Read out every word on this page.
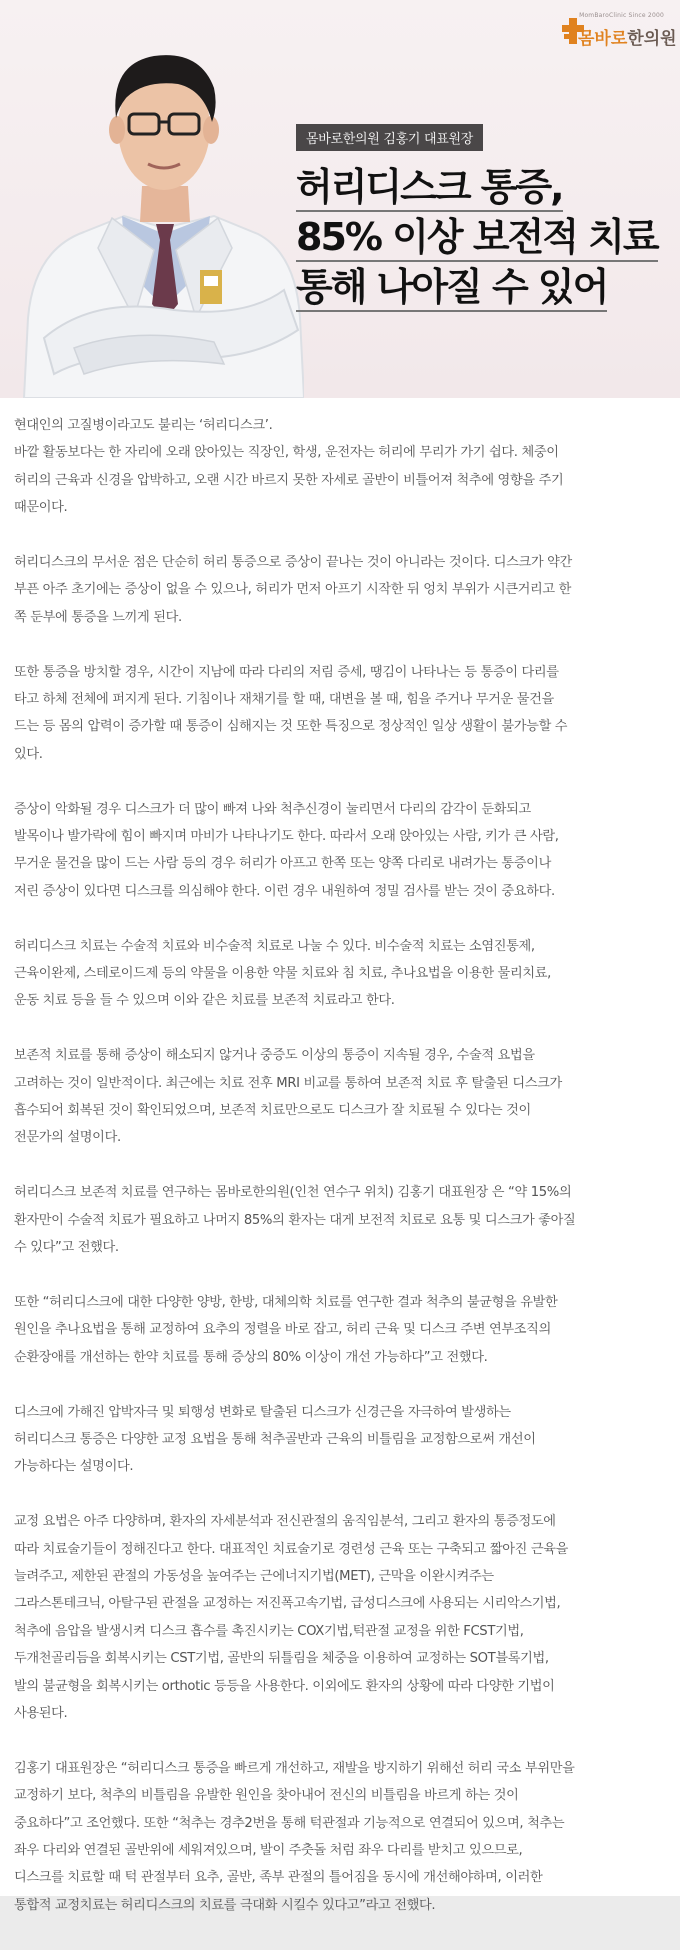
MomBaroClinic Since 2000
몸바로한의원
몸바로한의원 김홍기 대표원장
허리디스크 통증,
85% 이상 보전적 치료
통해 나아질 수 있어
현대인의 고질병이라고도 불리는 ‘허리디스크’.
바깥 활동보다는 한 자리에 오래 앉아있는 직장인, 학생, 운전자는 허리에 무리가 가기 쉽다. 체중이
허리의 근육과 신경을 압박하고, 오랜 시간 바르지 못한 자세로 골반이 비틀어져 척추에 영향을 주기
때문이다.
허리디스크의 무서운 점은 단순히 허리 통증으로 증상이 끝나는 것이 아니라는 것이다. 디스크가 약간
부픈 아주 초기에는 증상이 없을 수 있으나, 허리가 먼저 아프기 시작한 뒤 엉치 부위가 시큰거리고 한
쪽 둔부에 통증을 느끼게 된다.
또한 통증을 방치할 경우, 시간이 지남에 따라 다리의 저림 증세, 땡김이 나타나는 등 통증이 다리를
타고 하체 전체에 퍼지게 된다. 기침이나 재채기를 할 때, 대변을 볼 때, 힘을 주거나 무거운 물건을
드는 등 몸의 압력이 증가할 때 통증이 심해지는 것 또한 특징으로 정상적인 일상 생활이 불가능할 수
있다.
증상이 악화될 경우 디스크가 더 많이 빠져 나와 척추신경이 눌리면서 다리의 감각이 둔화되고
발목이나 발가락에 힘이 빠지며 마비가 나타나기도 한다. 따라서 오래 앉아있는 사람, 키가 큰 사람,
무거운 물건을 많이 드는 사람 등의 경우 허리가 아프고 한쪽 또는 양쪽 다리로 내려가는 통증이나
저린 증상이 있다면 디스크를 의심해야 한다. 이런 경우 내원하여 정밀 검사를 받는 것이 중요하다.
허리디스크 치료는 수술적 치료와 비수술적 치료로 나눌 수 있다. 비수술적 치료는 소염진통제,
근육이완제, 스테로이드제 등의 약물을 이용한 약물 치료와 침 치료, 추나요법을 이용한 물리치료,
운동 치료 등을 들 수 있으며 이와 같은 치료를 보존적 치료라고 한다.
보존적 치료를 통해 증상이 해소되지 않거나 중증도 이상의 통증이 지속될 경우, 수술적 요법을
고려하는 것이 일반적이다. 최근에는 치료 전후 MRI 비교를 통하여 보존적 치료 후 탈출된 디스크가
흡수되어 회복된 것이 확인되었으며, 보존적 치료만으로도 디스크가 잘 치료될 수 있다는 것이
전문가의 설명이다.
허리디스크 보존적 치료를 연구하는 몸바로한의원(인천 연수구 위치) 김홍기 대표원장 은 “약 15%의
환자만이 수술적 치료가 필요하고 나머지 85%의 환자는 대게 보전적 치료로 요통 및 디스크가 좋아질
수 있다”고 전했다.
또한 “허리디스크에 대한 다양한 양방, 한방, 대체의학 치료를 연구한 결과 척추의 불균형을 유발한
원인을 추나요법을 통해 교정하여 요추의 정렬을 바로 잡고, 허리 근육 및 디스크 주변 연부조직의
순환장애를 개선하는 한약 치료를 통해 증상의 80% 이상이 개선 가능하다”고 전했다.
디스크에 가해진 압박자극 및 퇴행성 변화로 탈출된 디스크가 신경근을 자극하여 발생하는
허리디스크 통증은 다양한 교정 요법을 통해 척추골반과 근육의 비틀림을 교정함으로써 개선이
가능하다는 설명이다.
교정 요법은 아주 다양하며, 환자의 자세분석과 전신관절의 움직임분석, 그리고 환자의 통증정도에
따라 치료술기들이 정해진다고 한다. 대표적인 치료술기로 경련성 근육 또는 구축되고 짧아진 근육을
늘려주고, 제한된 관절의 가동성을 높여주는 근에너지기법(MET), 근막을 이완시켜주는
그라스톤테크닉, 아탈구된 관절을 교정하는 저진폭고속기법, 급성디스크에 사용되는 시리악스기법,
척추에 음압을 발생시켜 디스크 흡수를 촉진시키는 COX기법,턱관절 교정을 위한 FCST기법,
두개천골리듬을 회복시키는 CST기법, 골반의 뒤틀림을 체중을 이용하여 교정하는 SOT블록기법,
발의 불균형을 회복시키는 orthotic 등등을 사용한다. 이외에도 환자의 상황에 따라 다양한 기법이
사용된다.
김홍기 대표원장은 “허리디스크 통증을 빠르게 개선하고, 재발을 방지하기 위해선 허리 국소 부위만을
교정하기 보다, 척추의 비틀림을 유발한 원인을 찾아내어 전신의 비틀림을 바르게 하는 것이
중요하다”고 조언했다. 또한 “척추는 경추2번을 통해 턱관절과 기능적으로 연결되어 있으며, 척추는
좌우 다리와 연결된 골반위에 세워져있으며, 발이 주춧돌 처럼 좌우 다리를 받치고 있으므로,
디스크를 치료할 때 턱 관절부터 요추, 골반, 족부 관절의 틀어짐을 동시에 개선해야하며, 이러한
통합적 교정치료는 허리디스크의 치료를 극대화 시킬수 있다고”라고 전했다.
